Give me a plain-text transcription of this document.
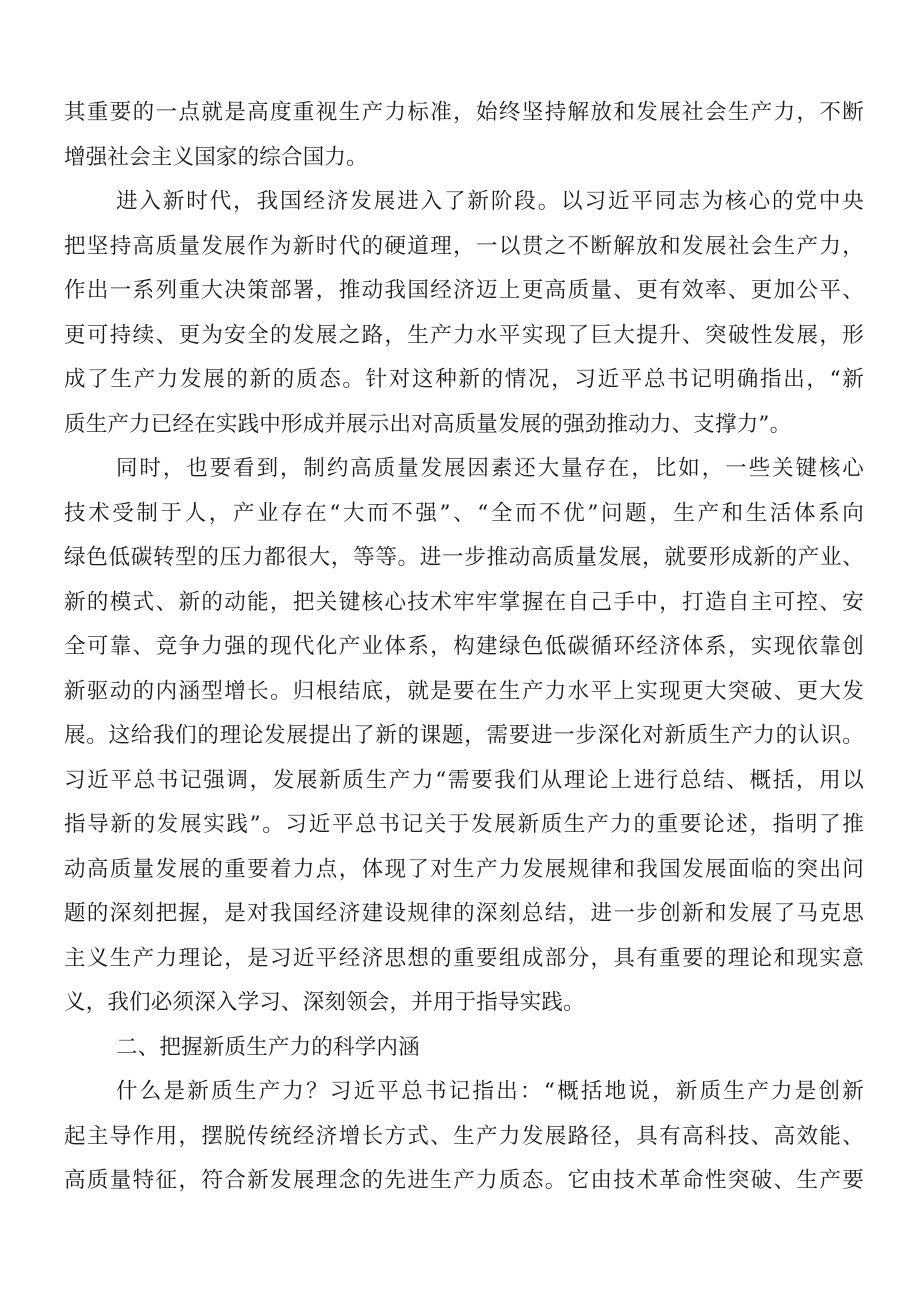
其重要的一点就是高度重视生产力标准，始终坚持解放和发展社会生产力，不断
增强社会主义国家的综合国力。
进入新时代，我国经济发展进入了新阶段。以习近平同志为核心的党中央
把坚持高质量发展作为新时代的硬道理，一以贯之不断解放和发展社会生产力，
作出一系列重大决策部署，推动我国经济迈上更高质量、更有效率、更加公平、
更可持续、更为安全的发展之路，生产力水平实现了巨大提升、突破性发展，形
成了生产力发展的新的质态。针对这种新的情况，习近平总书记明确指出，“新
质生产力已经在实践中形成并展示出对高质量发展的强劲推动力、支撑力”。
同时，也要看到，制约高质量发展因素还大量存在，比如，一些关键核心
技术受制于人，产业存在“大而不强”、“全而不优”问题，生产和生活体系向
绿色低碳转型的压力都很大，等等。进一步推动高质量发展，就要形成新的产业、
新的模式、新的动能，把关键核心技术牢牢掌握在自己手中，打造自主可控、安
全可靠、竞争力强的现代化产业体系，构建绿色低碳循环经济体系，实现依靠创
新驱动的内涵型增长。归根结底，就是要在生产力水平上实现更大突破、更大发
展。这给我们的理论发展提出了新的课题，需要进一步深化对新质生产力的认识。
习近平总书记强调，发展新质生产力“需要我们从理论上进行总结、概括，用以
指导新的发展实践”。习近平总书记关于发展新质生产力的重要论述，指明了推
动高质量发展的重要着力点，体现了对生产力发展规律和我国发展面临的突出问
题的深刻把握，是对我国经济建设规律的深刻总结，进一步创新和发展了马克思
主义生产力理论，是习近平经济思想的重要组成部分，具有重要的理论和现实意
义，我们必须深入学习、深刻领会，并用于指导实践。
二、把握新质生产力的科学内涵
什么是新质生产力？习近平总书记指出：“概括地说，新质生产力是创新
起主导作用，摆脱传统经济增长方式、生产力发展路径，具有高科技、高效能、
高质量特征，符合新发展理念的先进生产力质态。它由技术革命性突破、生产要
